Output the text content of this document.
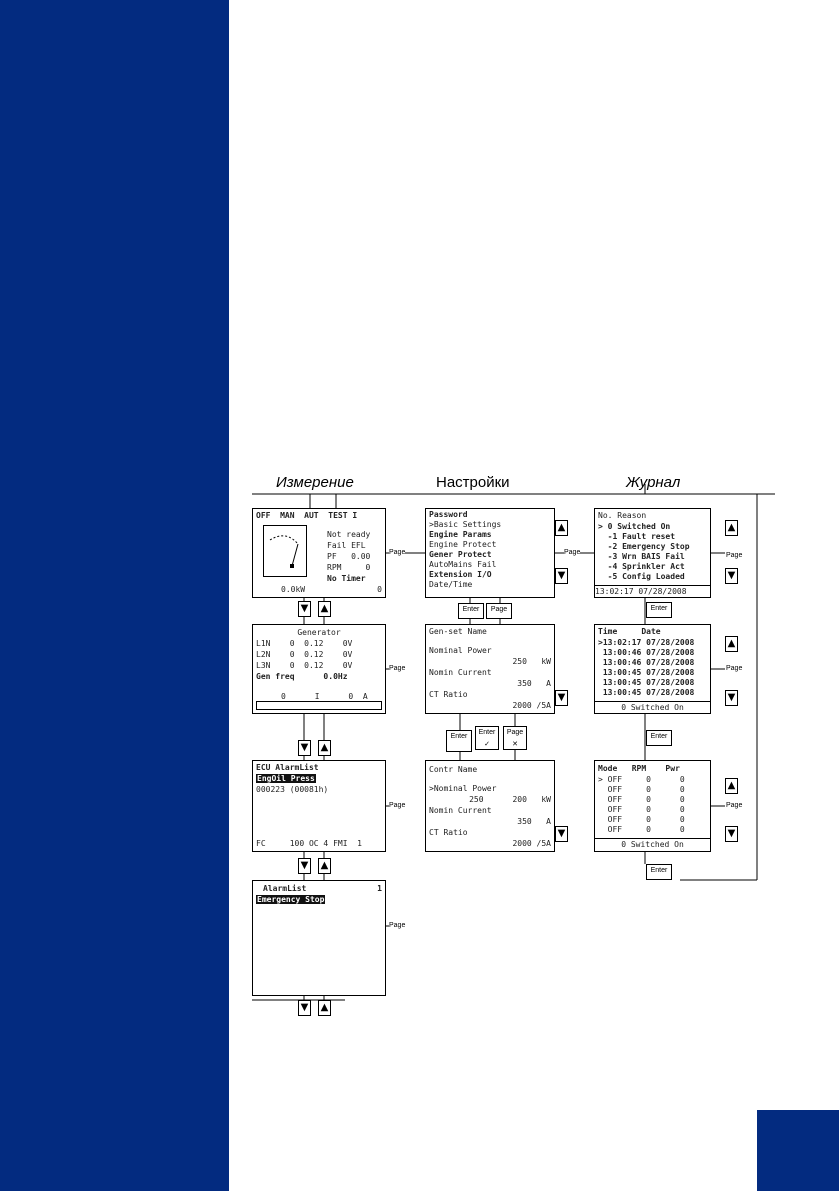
Измерение	Настройки	Журнал
OFF  MAN  AUT  TEST I
Not ready
Fail EFL
PF   0.00
RPM     0
No Timer
0.0kW	0
Generator
L1N    0  0.12    0V
L2N    0  0.12    0V
L3N    0  0.12    0V
Gen freq      0.0Hz
0      I      0  A
ECU AlarmList
EngOil Press
000223 (00081h)
FC     100 OC 4 FMI  1
AlarmList	1
Emergency Stop
Password
>Basic Settings
Engine Params
Engine Protect
Gener Protect
AutoMains Fail
Extension I/O
Date/Time
Gen-set Name
Nominal Power
250   kW
Nomin Current
350   A
CT Ratio
2000 /5A
Contr Name
>Nominal Power
250      200   kW
Nomin Current
350   A
CT Ratio
2000 /5A
No. Reason
> 0 Switched On
-1 Fault reset
-2 Emergency Stop
-3 Wrn BAIS Fail
-4 Sprinkler Act
-5 Config Loaded
13:02:17 07/28/2008
Time     Date
>13:02:17 07/28/2008
13:00:46 07/28/2008
13:00:46 07/28/2008
13:00:45 07/28/2008
13:00:45 07/28/2008
13:00:45 07/28/2008
0 Switched On
Mode   RPM    Pwr
> OFF     0      0
OFF     0      0
OFF     0      0
OFF     0      0
OFF     0      0
OFF     0      0
0 Switched On
▼ ▲
▼ ▲
▼ ▲
▼ ▲
▲
▼
▼
▼
▲
▼
▲
▼
▲
▼
Page
Page
Page
Page
Page	Page
Page
Page
Enter	Page
Enter
Enter
✓
Page
✕
Enter
Enter
Enter
